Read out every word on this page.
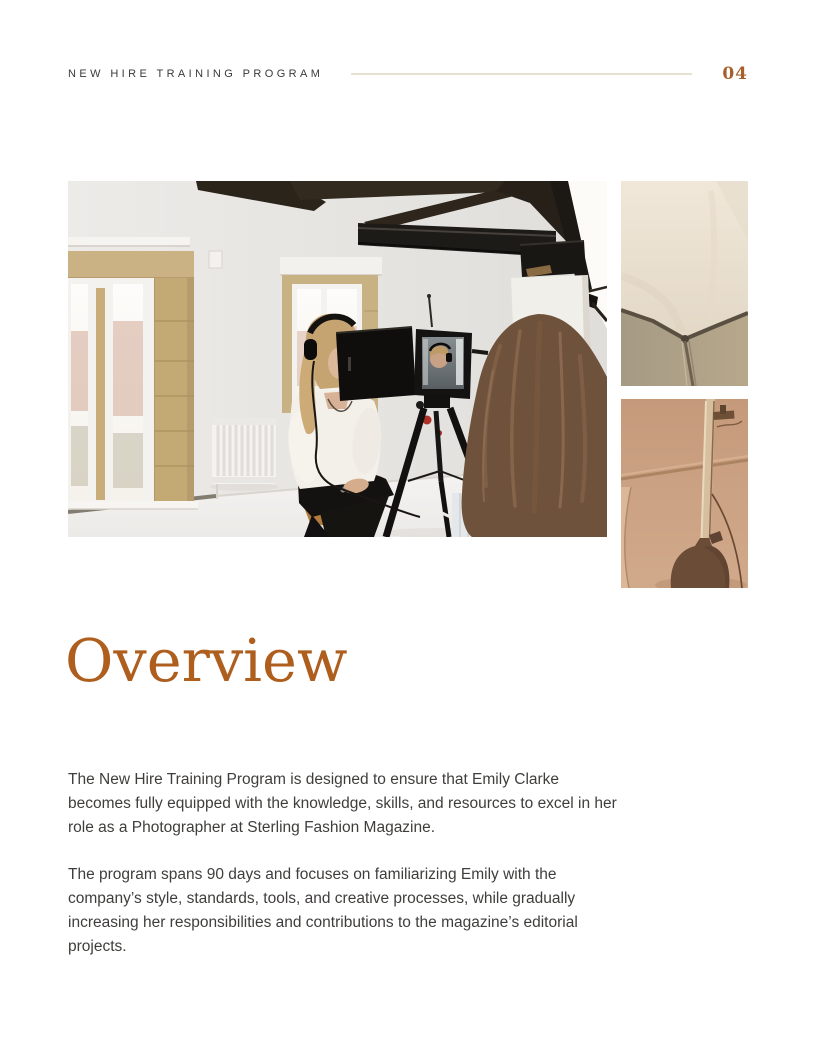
NEW HIRE TRAINING PROGRAM	04
Overview

The New Hire Training Program is designed to ensure that Emily Clarke becomes fully equipped with the knowledge, skills, and resources to excel in her role as a Photographer at Sterling Fashion Magazine.

The program spans 90 days and focuses on familiarizing Emily with the company’s style, standards, tools, and creative processes, while gradually increasing her responsibilities and contributions to the magazine’s editorial projects.
